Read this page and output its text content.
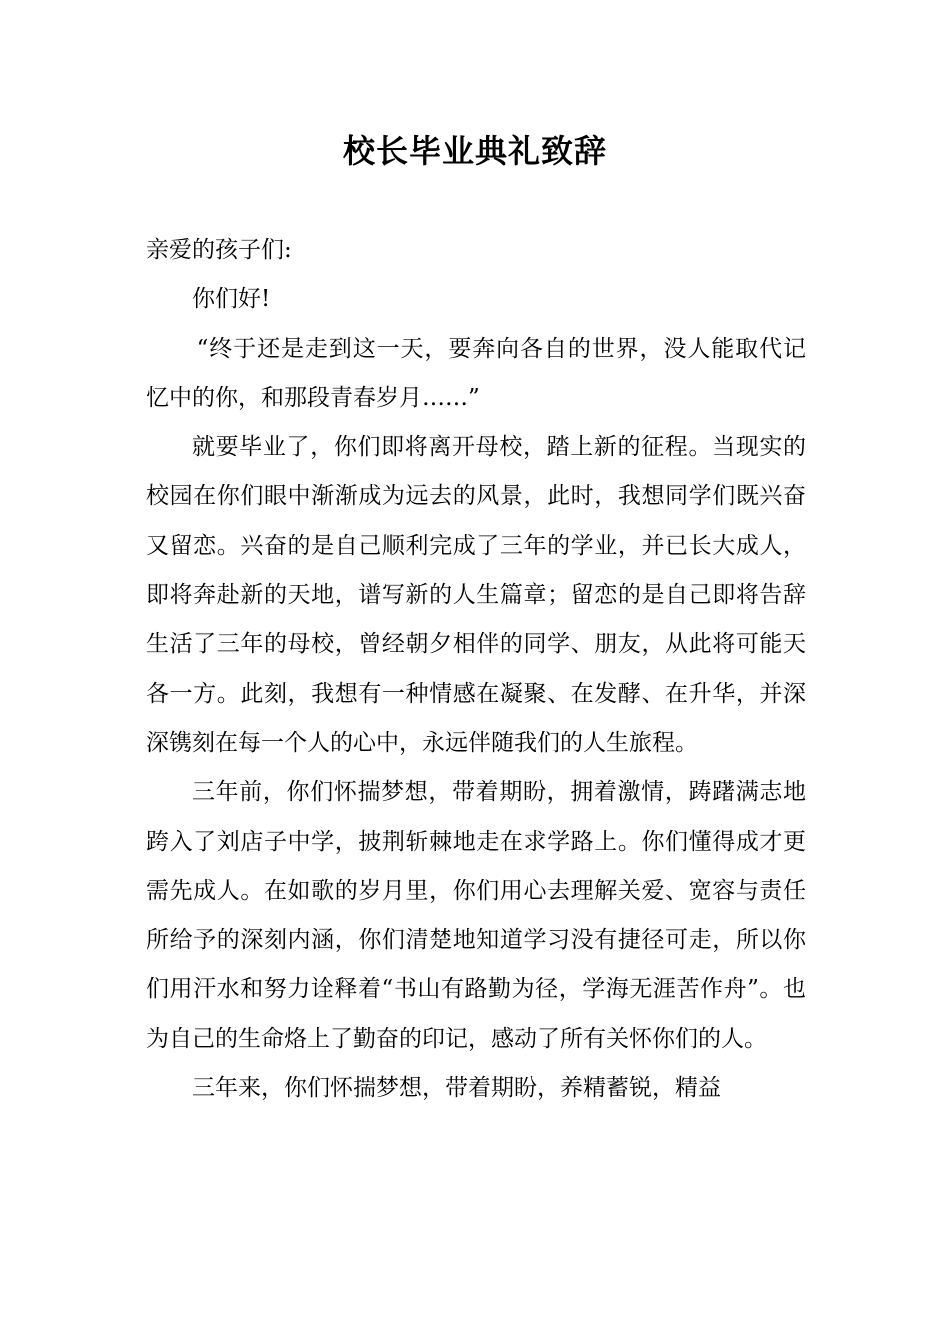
校长毕业典礼致辞

亲爱的孩子们:

你们好!

“终于还是走到这一天，要奔向各自的世界，没人能取代记忆中的你，和那段青春岁月……”

就要毕业了，你们即将离开母校，踏上新的征程。当现实的校园在你们眼中渐渐成为远去的风景，此时，我想同学们既兴奋又留恋。兴奋的是自己顺利完成了三年的学业，并已长大成人，即将奔赴新的天地，谱写新的人生篇章；留恋的是自己即将告辞生活了三年的母校，曾经朝夕相伴的同学、朋友，从此将可能天各一方。此刻，我想有一种情感在凝聚、在发酵、在升华，并深深镌刻在每一个人的心中，永远伴随我们的人生旅程。

三年前，你们怀揣梦想，带着期盼，拥着激情，踌躇满志地跨入了刘店子中学，披荆斩棘地走在求学路上。你们懂得成才更需先成人。在如歌的岁月里，你们用心去理解关爱、宽容与责任所给予的深刻内涵，你们清楚地知道学习没有捷径可走，所以你们用汗水和努力诠释着“书山有路勤为径，学海无涯苦作舟”。也为自己的生命烙上了勤奋的印记，感动了所有关怀你们的人。

三年来，你们怀揣梦想，带着期盼，养精蓄锐，精益
